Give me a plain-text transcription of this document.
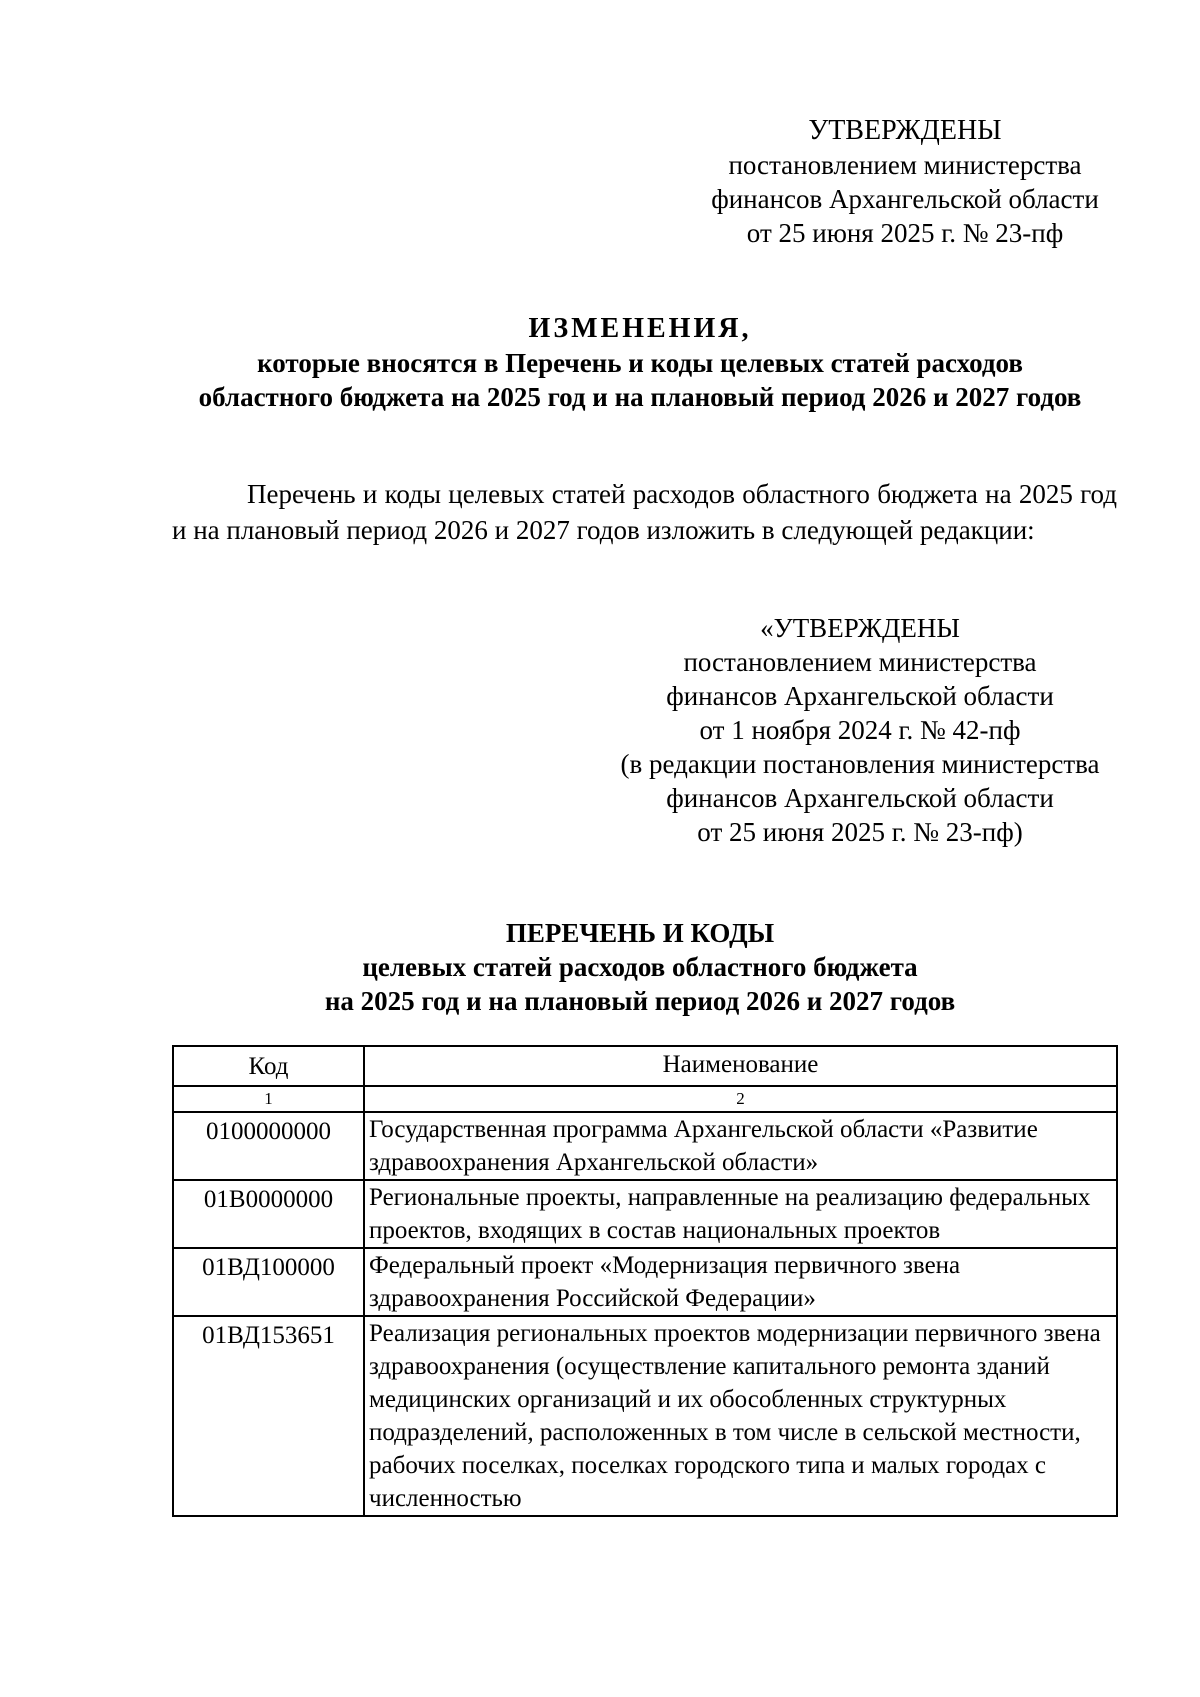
УТВЕРЖДЕНЫ
постановлением министерства
финансов Архангельской области
от 25 июня 2025 г. № 23-пф
ИЗМЕНЕНИЯ,
которые вносятся в Перечень и коды целевых статей расходов
областного бюджета на 2025 год и на плановый период 2026 и 2027 годов
Перечень и коды целевых статей расходов областного бюджета на 2025 год и на плановый период 2026 и 2027 годов изложить в следующей редакции:
«УТВЕРЖДЕНЫ
постановлением министерства
финансов Архангельской области
от 1 ноября 2024 г. № 42-пф
(в редакции постановления министерства
финансов Архангельской области
от 25 июня 2025 г. № 23-пф)
ПЕРЕЧЕНЬ И КОДЫ
целевых статей расходов областного бюджета
на 2025 год и на плановый период 2026 и 2027 годов
Код	Наименование
1	2
0100000000	Государственная программа Архангельской области «Развитие здравоохранения Архангельской области»
01В0000000	Региональные проекты, направленные на реализацию федеральных проектов, входящих в состав национальных проектов
01ВД100000	Федеральный проект «Модернизация первичного звена здравоохранения Российской Федерации»
01ВД153651	Реализация региональных проектов модернизации первичного звена здравоохранения (осуществление капитального ремонта зданий медицинских организаций и их обособленных структурных подразделений, расположенных в том числе в сельской местности, рабочих поселках, поселках городского типа и малых городах с численностью
